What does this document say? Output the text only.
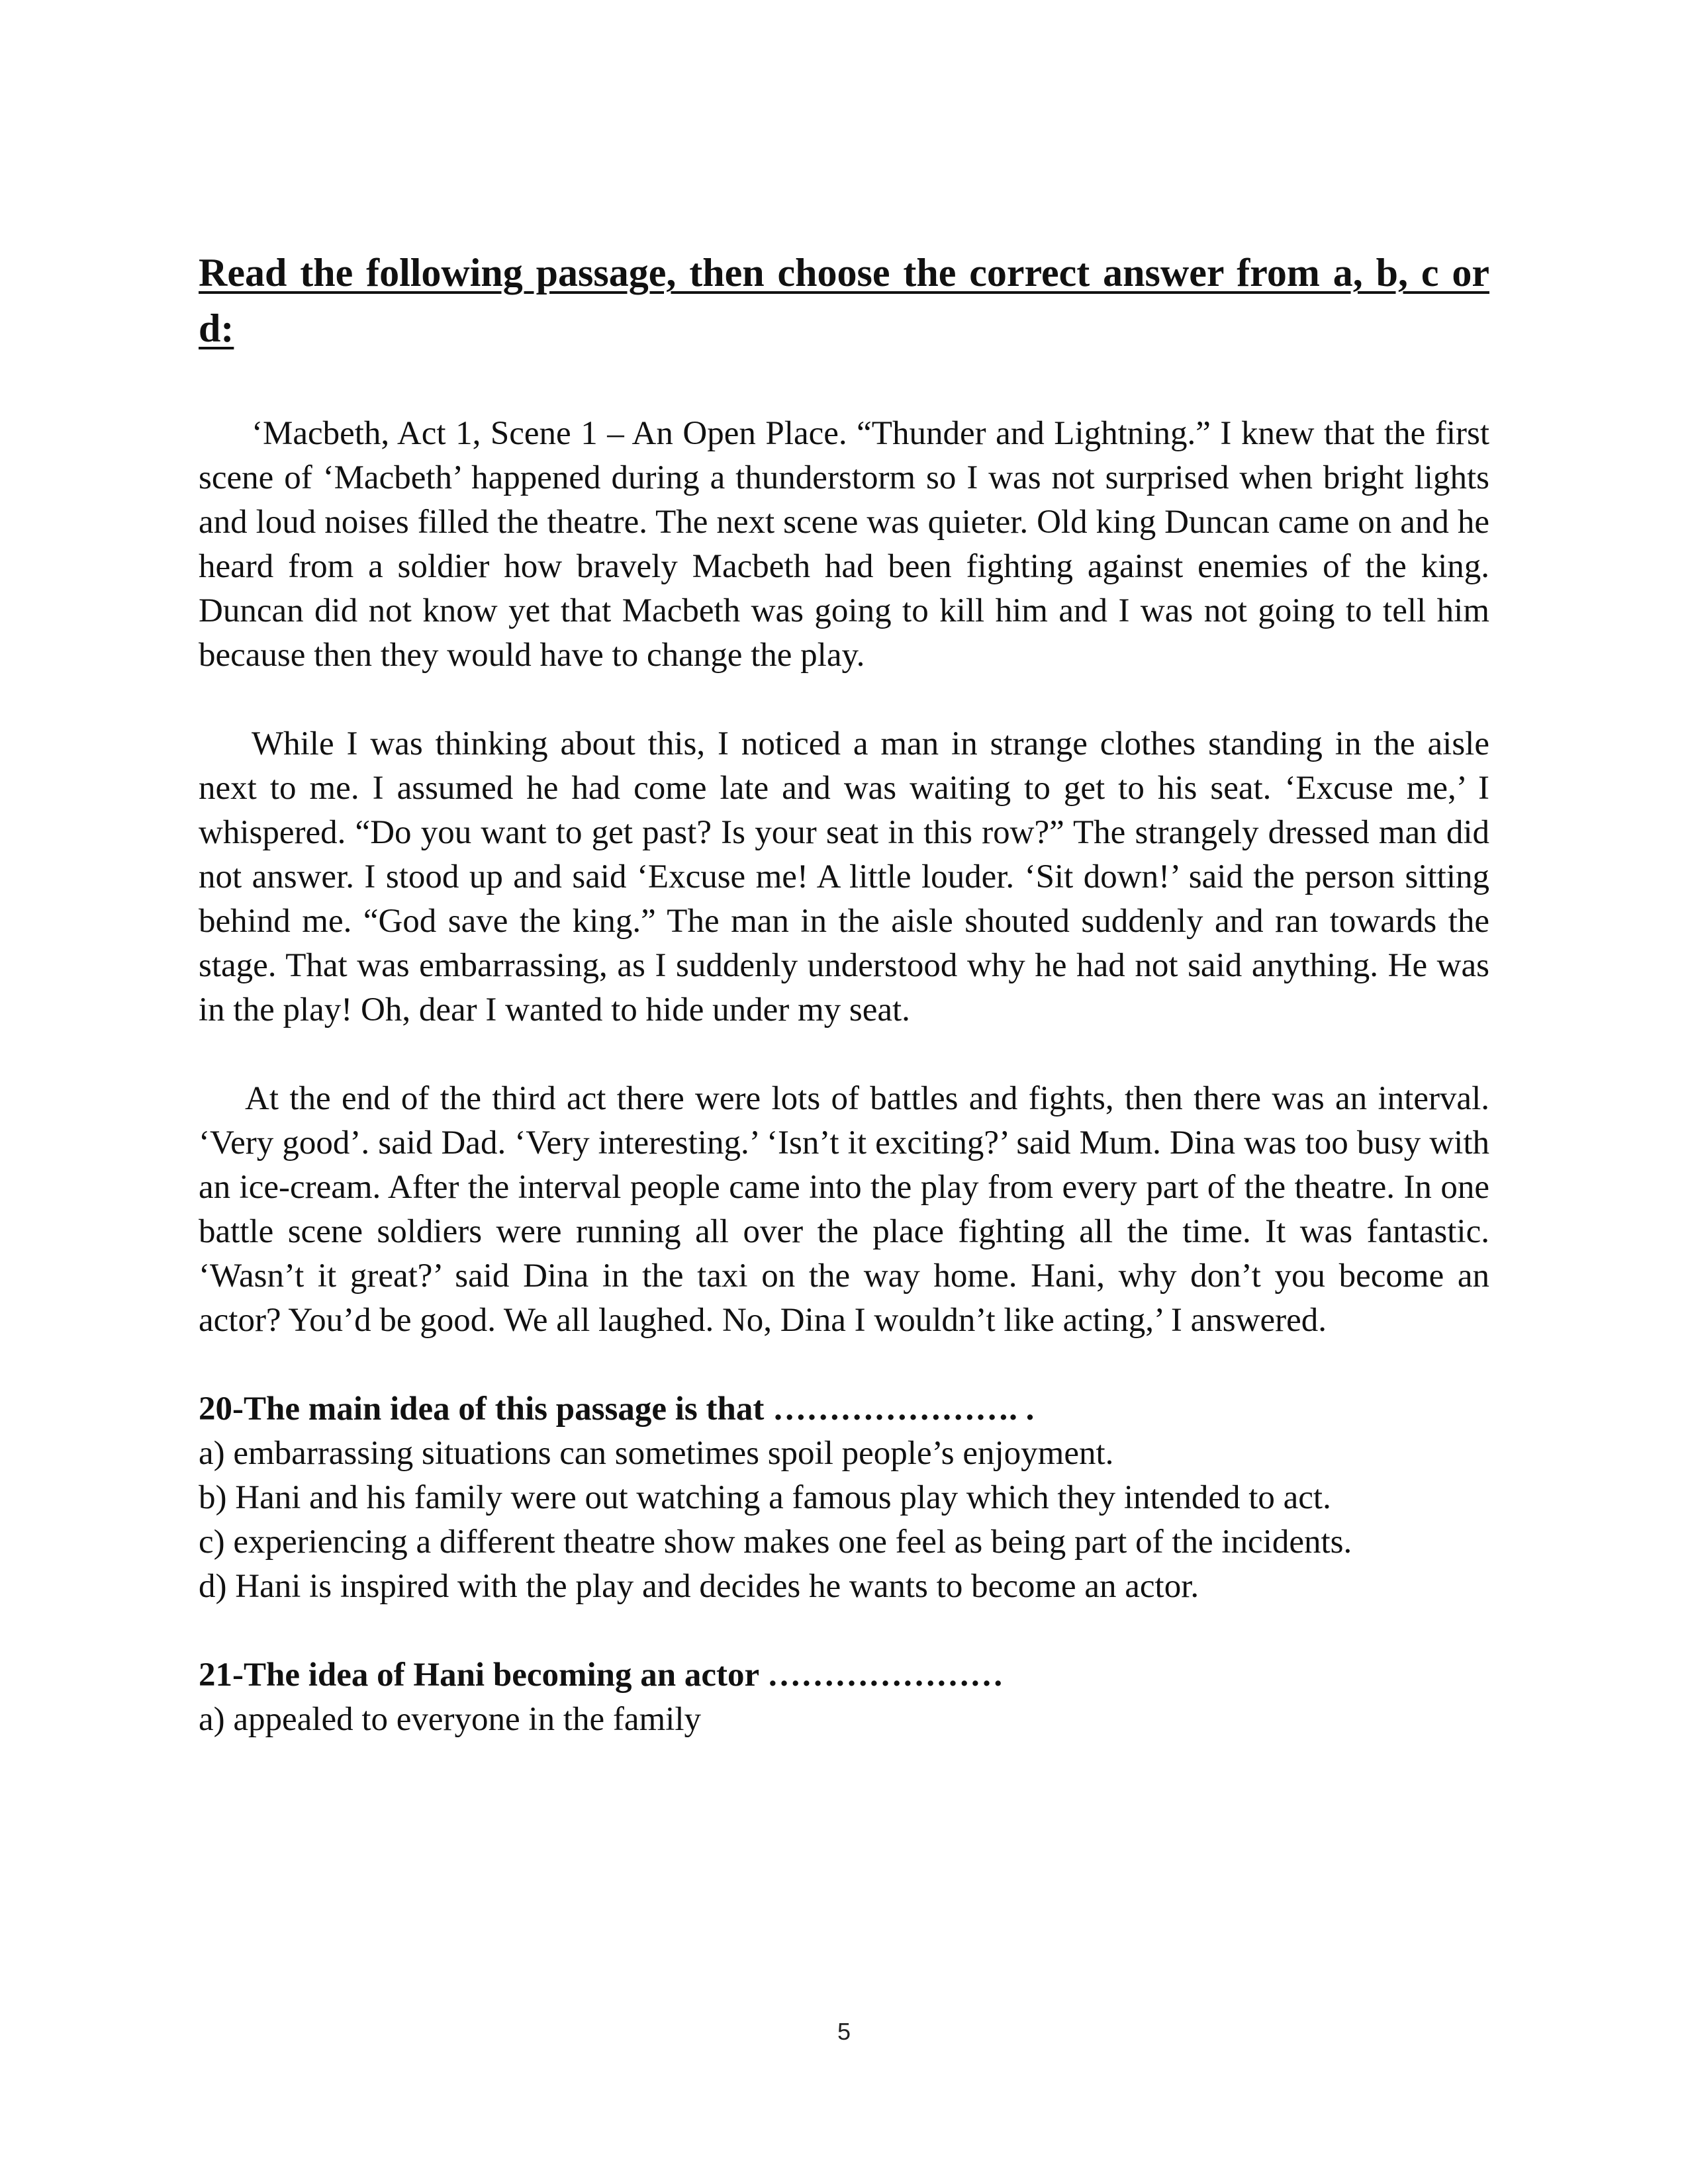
Read the following passage, then choose the correct answer from a, b, c or d:

‘Macbeth, Act 1, Scene 1 – An Open Place. “Thunder and Lightning.” I knew that the first scene of ‘Macbeth’ happened during a thunderstorm so I was not surprised when bright lights and loud noises filled the theatre. The next scene was quieter. Old king Duncan came on and he heard from a soldier how bravely Macbeth had been fighting against enemies of the king. Duncan did not know yet that Macbeth was going to kill him and I was not going to tell him because then they would have to change the play.

While I was thinking about this, I noticed a man in strange clothes standing in the aisle next to me. I assumed he had come late and was waiting to get to his seat. ‘Excuse me,’ I whispered. “Do you want to get past? Is your seat in this row?” The strangely dressed man did not answer. I stood up and said ‘Excuse me! A little louder. ‘Sit down!’ said the person sitting behind me. “God save the king.” The man in the aisle shouted suddenly and ran towards the stage. That was embarrassing, as I suddenly understood why he had not said anything. He was in the play! Oh, dear I wanted to hide under my seat.

At the end of the third act there were lots of battles and fights, then there was an interval. ‘Very good’. said Dad. ‘Very interesting.’ ‘Isn’t it exciting?’ said Mum. Dina was too busy with an ice-cream. After the interval people came into the play from every part of the theatre. In one battle scene soldiers were running all over the place fighting all the time. It was fantastic. ‘Wasn’t it great?’ said Dina in the taxi on the way home. Hani, why don’t you become an actor? You’d be good. We all laughed. No, Dina I wouldn’t like acting,’ I answered.

20-The main idea of this passage is that …………………. .

a) embarrassing situations can sometimes spoil people’s enjoyment.

b) Hani and his family were out watching a famous play which they intended to act.

c) experiencing a different theatre show makes one feel as being part of the incidents.

d) Hani is inspired with the play and decides he wants to become an actor.

21-The idea of Hani becoming an actor …………………

a) appealed to everyone in the family

5
